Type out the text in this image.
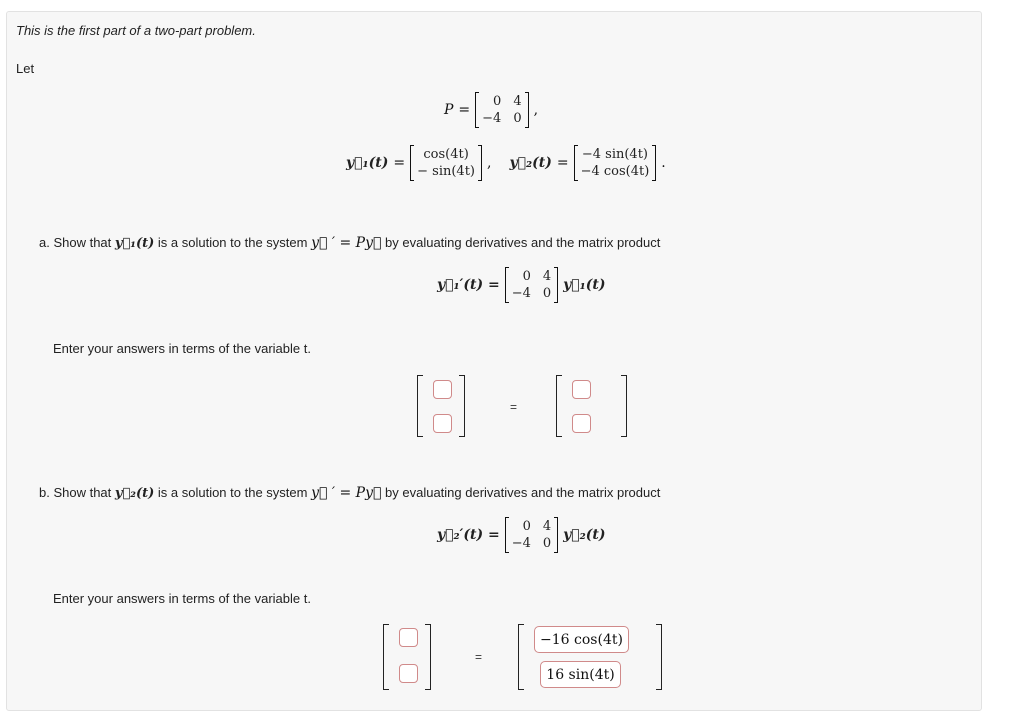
This is the first part of a two-part problem.
Let
P =
0 4
−4 0
,
y⃗₁(t) =
cos(4t)
− sin(4t)
, y⃗₂(t) =
−4 sin(4t)
−4 cos(4t)
.
a. Show that y⃗₁(t) is a solution to the system y⃗ ′ = Py⃗ by evaluating derivatives and the matrix product
y⃗₁′(t) =
0 4
−4 0
y⃗₁(t)
Enter your answers in terms of the variable t.
=
b. Show that y⃗₂(t) is a solution to the system y⃗ ′ = Py⃗ by evaluating derivatives and the matrix product
y⃗₂′(t) =
0 4
−4 0
y⃗₂(t)
Enter your answers in terms of the variable t.
=
−16 cos(4t)
16 sin(4t)
